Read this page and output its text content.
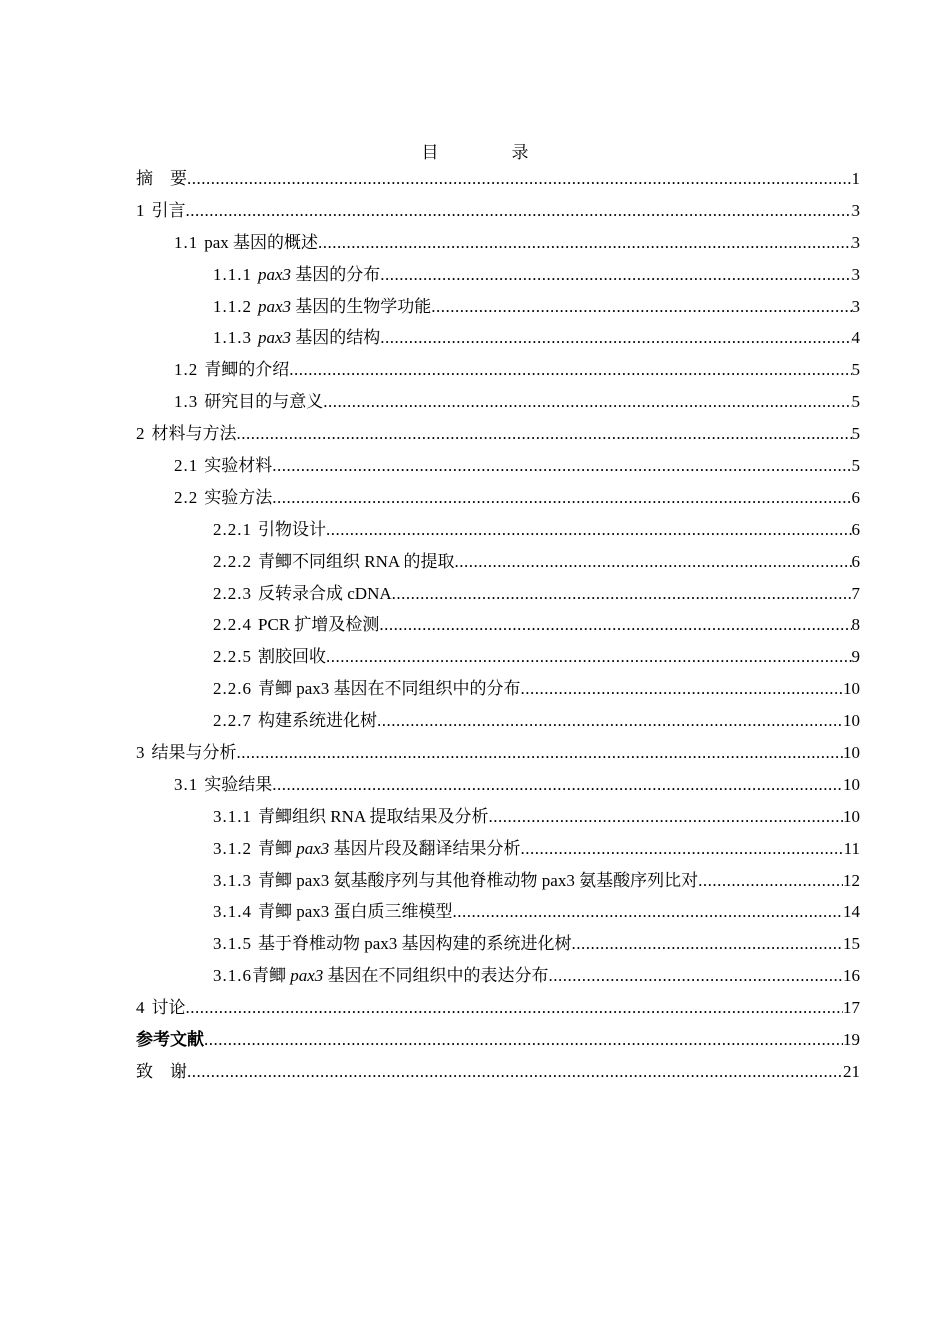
目　录
摘　要 .....	1
1 引言 .....	3
1.1 pax 基因的概述 .....	3
1.1.1 pax3 基因的分布 .....	3
1.1.2 pax3 基因的生物学功能 .....	3
1.1.3 pax3 基因的结构 .....	4
1.2 青鲫的介绍 .....	5
1.3 研究目的与意义 .....	5
2 材料与方法 .....	5
2.1 实验材料 .....	5
2.2 实验方法 .....	6
2.2.1 引物设计 .....	6
2.2.2 青鲫不同组织 RNA 的提取 .....	6
2.2.3 反转录合成 cDNA .....	7
2.2.4 PCR 扩增及检测 .....	8
2.2.5 割胶回收 .....	9
2.2.6 青鲫 pax3 基因在不同组织中的分布 .....	10
2.2.7 构建系统进化树 .....	10
3 结果与分析 .....	10
3.1 实验结果 .....	10
3.1.1 青鲫组织 RNA 提取结果及分析 .....	10
3.1.2 青鲫 pax3 基因片段及翻译结果分析 .....	11
3.1.3 青鲫 pax3 氨基酸序列与其他脊椎动物 pax3 氨基酸序列比对 .....	12
3.1.4 青鲫 pax3 蛋白质三维模型 .....	14
3.1.5 基于脊椎动物 pax3 基因构建的系统进化树 .....	15
3.1.6青鲫 pax3 基因在不同组织中的表达分布 .....	16
4 讨论 .....	17
参考文献 .....	19
致　谢 .....	21
